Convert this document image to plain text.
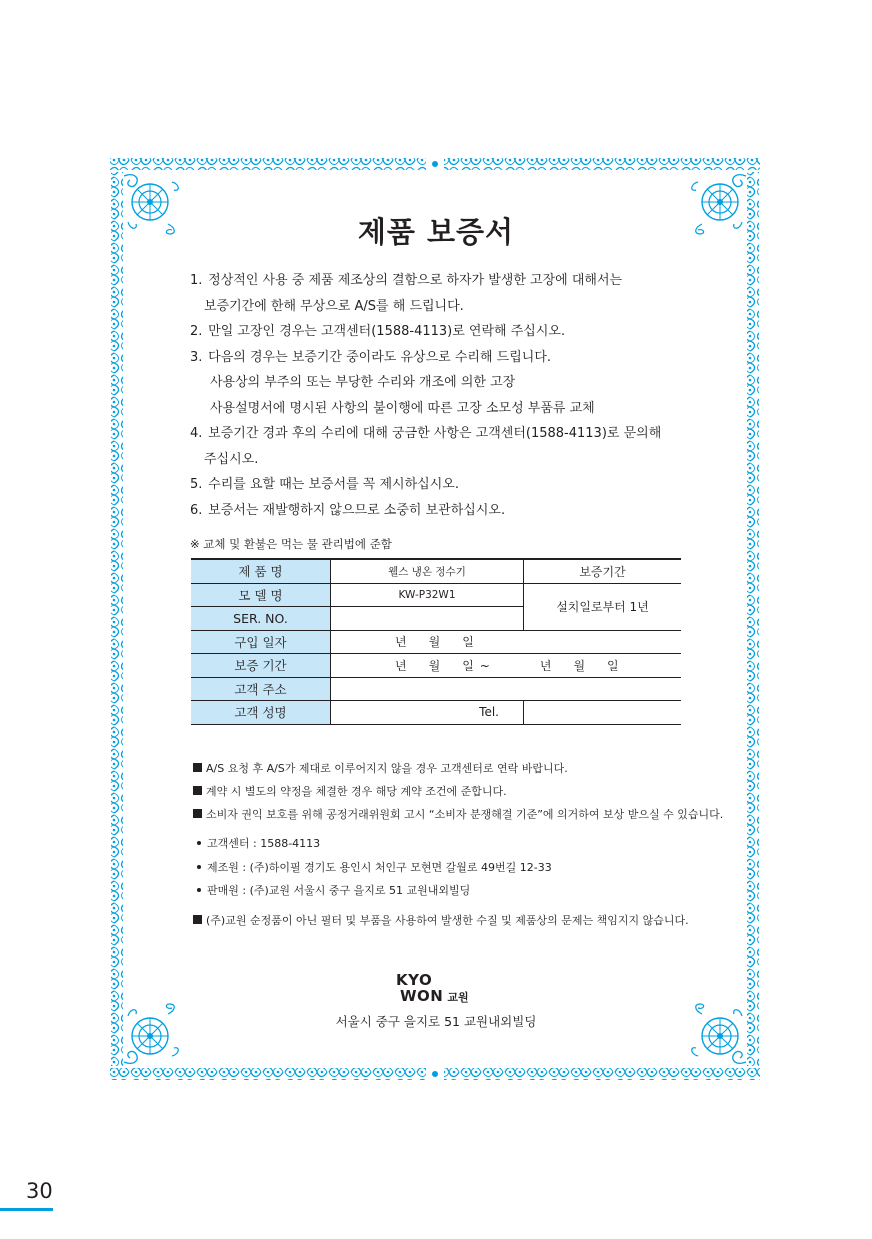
제품 보증서
1. 정상적인 사용 중 제품 제조상의 결함으로 하자가 발생한 고장에 대해서는
보증기간에 한해 무상으로 A/S를 해 드립니다.
2. 만일 고장인 경우는 고객센터(1588-4113)로 연락해 주십시오.
3. 다음의 경우는 보증기간 중이라도 유상으로 수리해 드립니다.
사용상의 부주의 또는 부당한 수리와 개조에 의한 고장
사용설명서에 명시된 사항의 불이행에 따른 고장 소모성 부품류 교체
4. 보증기간 경과 후의 수리에 대해 궁금한 사항은 고객센터(1588-4113)로 문의해
주십시오.
5. 수리를 요할 때는 보증서를 꼭 제시하십시오.
6. 보증서는 재발행하지 않으므로 소중히 보관하십시오.
※ 교체 및 환불은 먹는 물 관리법에 준함
제 품 명	웰스 냉온 정수기	보증기간
모 델 명	KW-P32W1	설치일로부터 1년
SER. NO.		
구입 일자	년 월 일	
보증 기간	년 월 일 ~ 년 월 일	
고객 주소		
고객 성명	Tel.	
A/S 요청 후 A/S가 제대로 이루어지지 않을 경우 고객센터로 연락 바랍니다.
계약 시 별도의 약정을 체결한 경우 해당 계약 조건에 준합니다.
소비자 권익 보호를 위해 공정거래위원회 고시 “소비자 분쟁해결 기준”에 의거하여 보상 받으실 수 있습니다.
고객센터 : 1588-4113
제조원 : (주)하이필 경기도 용인시 처인구 모현면 갈월로 49번길 12-33
판매원 : (주)교원 서울시 중구 을지로 51 교원내외빌딩
(주)교원 순정품이 아닌 필터 및 부품을 사용하여 발생한 수질 및 제품상의 문제는 책임지지 않습니다.
KYO
WON 교원
서울시 중구 을지로 51 교원내외빌딩
30
